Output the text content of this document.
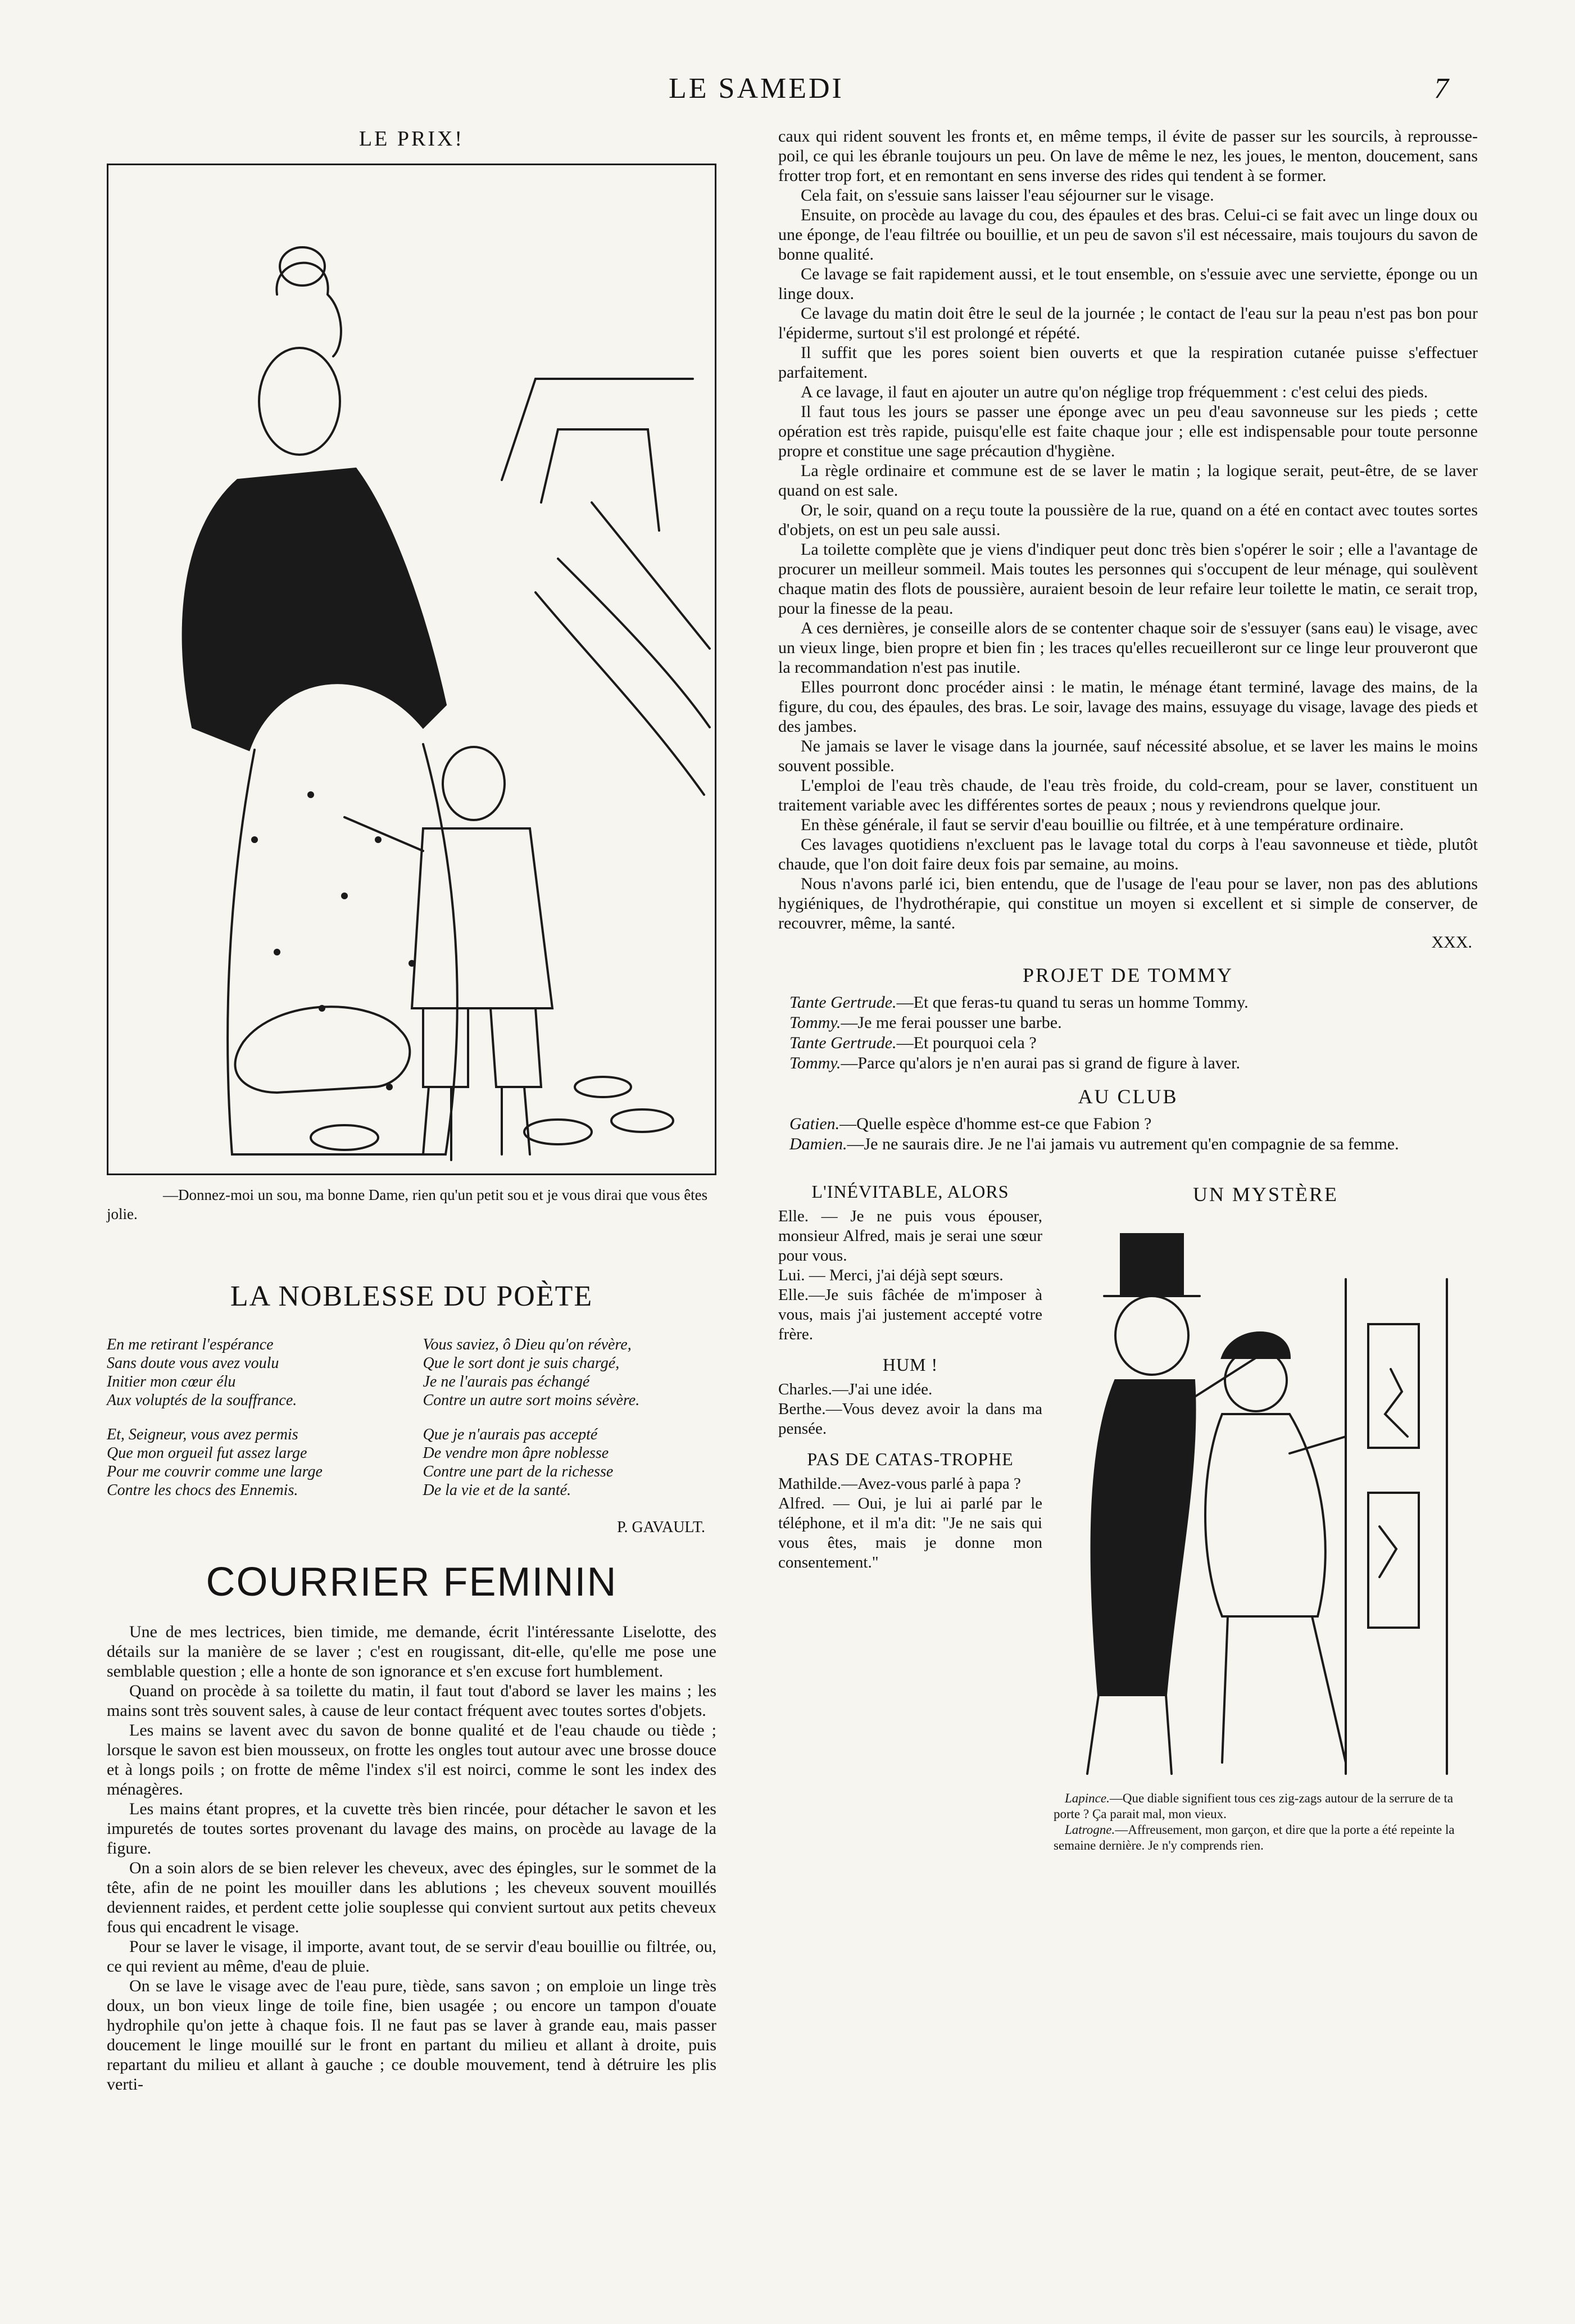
LE SAMEDI	7
LE PRIX!
—Donnez-moi un sou, ma bonne Dame, rien qu'un petit sou et je vous dirai que vous êtes jolie.
LA NOBLESSE DU POÈTE
En me retirant l'espérance
Sans doute vous avez voulu
Initier mon cœur élu
Aux voluptés de la souffrance.
Vous saviez, ô Dieu qu'on révère,
Que le sort dont je suis chargé,
Je ne l'aurais pas échangé
Contre un autre sort moins sévère.
Et, Seigneur, vous avez permis
Que mon orgueil fut assez large
Pour me couvrir comme une large
Contre les chocs des Ennemis.
Que je n'aurais pas accepté
De vendre mon âpre noblesse
Contre une part de la richesse
De la vie et de la santé.
P. GAVAULT.
COURRIER FEMININ

Une de mes lectrices, bien timide, me demande, écrit l'intéressante Liselotte, des détails sur la manière de se laver ; c'est en rougissant, dit-elle, qu'elle me pose une semblable question ; elle a honte de son ignorance et s'en excuse fort humblement.

Quand on procède à sa toilette du matin, il faut tout d'abord se laver les mains ; les mains sont très souvent sales, à cause de leur contact fréquent avec toutes sortes d'objets.

Les mains se lavent avec du savon de bonne qualité et de l'eau chaude ou tiède ; lorsque le savon est bien mousseux, on frotte les ongles tout autour avec une brosse douce et à longs poils ; on frotte de même l'index s'il est noirci, comme le sont les index des ménagères.

Les mains étant propres, et la cuvette très bien rincée, pour détacher le savon et les impuretés de toutes sortes provenant du lavage des mains, on procède au lavage de la figure.

On a soin alors de se bien relever les cheveux, avec des épingles, sur le sommet de la tête, afin de ne point les mouiller dans les ablutions ; les cheveux souvent mouillés deviennent raides, et perdent cette jolie souplesse qui convient surtout aux petits cheveux fous qui encadrent le visage.

Pour se laver le visage, il importe, avant tout, de se servir d'eau bouillie ou filtrée, ou, ce qui revient au même, d'eau de pluie.

On se lave le visage avec de l'eau pure, tiède, sans savon ; on emploie un linge très doux, un bon vieux linge de toile fine, bien usagée ; ou encore un tampon d'ouate hydrophile qu'on jette à chaque fois. Il ne faut pas se laver à grande eau, mais passer doucement le linge mouillé sur le front en partant du milieu et allant à droite, puis repartant du milieu et allant à gauche ; ce double mouvement, tend à détruire les plis verti-

caux qui rident souvent les fronts et, en même temps, il évite de passer sur les sourcils, à reprousse-poil, ce qui les ébranle toujours un peu. On lave de même le nez, les joues, le menton, doucement, sans frotter trop fort, et en remontant en sens inverse des rides qui tendent à se former.

Cela fait, on s'essuie sans laisser l'eau séjourner sur le visage.

Ensuite, on procède au lavage du cou, des épaules et des bras. Celui-ci se fait avec un linge doux ou une éponge, de l'eau filtrée ou bouillie, et un peu de savon s'il est nécessaire, mais toujours du savon de bonne qualité.

Ce lavage se fait rapidement aussi, et le tout ensemble, on s'essuie avec une serviette, éponge ou un linge doux.

Ce lavage du matin doit être le seul de la journée ; le contact de l'eau sur la peau n'est pas bon pour l'épiderme, surtout s'il est prolongé et répété.

Il suffit que les pores soient bien ouverts et que la respiration cutanée puisse s'effectuer parfaitement.

A ce lavage, il faut en ajouter un autre qu'on néglige trop fréquemment : c'est celui des pieds.

Il faut tous les jours se passer une éponge avec un peu d'eau savonneuse sur les pieds ; cette opération est très rapide, puisqu'elle est faite chaque jour ; elle est indispensable pour toute personne propre et constitue une sage précaution d'hygiène.

La règle ordinaire et commune est de se laver le matin ; la logique serait, peut-être, de se laver quand on est sale.

Or, le soir, quand on a reçu toute la poussière de la rue, quand on a été en contact avec toutes sortes d'objets, on est un peu sale aussi.

La toilette complète que je viens d'indiquer peut donc très bien s'opérer le soir ; elle a l'avantage de procurer un meilleur sommeil. Mais toutes les personnes qui s'occupent de leur ménage, qui soulèvent chaque matin des flots de poussière, auraient besoin de leur refaire leur toilette le matin, ce serait trop, pour la finesse de la peau.

A ces dernières, je conseille alors de se contenter chaque soir de s'essuyer (sans eau) le visage, avec un vieux linge, bien propre et bien fin ; les traces qu'elles recueilleront sur ce linge leur prouveront que la recommandation n'est pas inutile.

Elles pourront donc procéder ainsi : le matin, le ménage étant terminé, lavage des mains, de la figure, du cou, des épaules, des bras. Le soir, lavage des mains, essuyage du visage, lavage des pieds et des jambes.

Ne jamais se laver le visage dans la journée, sauf nécessité absolue, et se laver les mains le moins souvent possible.

L'emploi de l'eau très chaude, de l'eau très froide, du cold-cream, pour se laver, constituent un traitement variable avec les différentes sortes de peaux ; nous y reviendrons quelque jour.

En thèse générale, il faut se servir d'eau bouillie ou filtrée, et à une température ordinaire.

Ces lavages quotidiens n'excluent pas le lavage total du corps à l'eau savonneuse et tiède, plutôt chaude, que l'on doit faire deux fois par semaine, au moins.

Nous n'avons parlé ici, bien entendu, que de l'usage de l'eau pour se laver, non pas des ablutions hygiéniques, de l'hydrothérapie, qui constitue un moyen si excellent et si simple de conserver, de recouvrer, même, la santé.

XXX.
PROJET DE TOMMY

Tante Gertrude.—Et que feras-tu quand tu seras un homme Tommy.

Tommy.—Je me ferai pousser une barbe.

Tante Gertrude.—Et pourquoi cela ?

Tommy.—Parce qu'alors je n'en aurai pas si grand de figure à laver.

AU CLUB

Gatien.—Quelle espèce d'homme est-ce que Fabion ?

Damien.—Je ne saurais dire. Je ne l'ai jamais vu autrement qu'en compagnie de sa femme.

L'INÉVITABLE, ALORS

Elle. — Je ne puis vous épouser, monsieur Alfred, mais je serai une sœur pour vous.

Lui. — Merci, j'ai déjà sept sœurs.

Elle.—Je suis fâchée de m'imposer à vous, mais j'ai justement accepté votre frère.

HUM !

Charles.—J'ai une idée.

Berthe.—Vous devez avoir la dans ma pensée.

PAS DE CATAS-TROPHE

Mathilde.—Avez-vous parlé à papa ?

Alfred. — Oui, je lui ai parlé par le téléphone, et il m'a dit: "Je ne sais qui vous êtes, mais je donne mon consentement."

UN MYSTÈRE

Lapince.—Que diable signifient tous ces zig-zags autour de la serrure de ta porte ? Ça parait mal, mon vieux.

Latrogne.—Affreusement, mon garçon, et dire que la porte a été repeinte la semaine dernière. Je n'y comprends rien.
